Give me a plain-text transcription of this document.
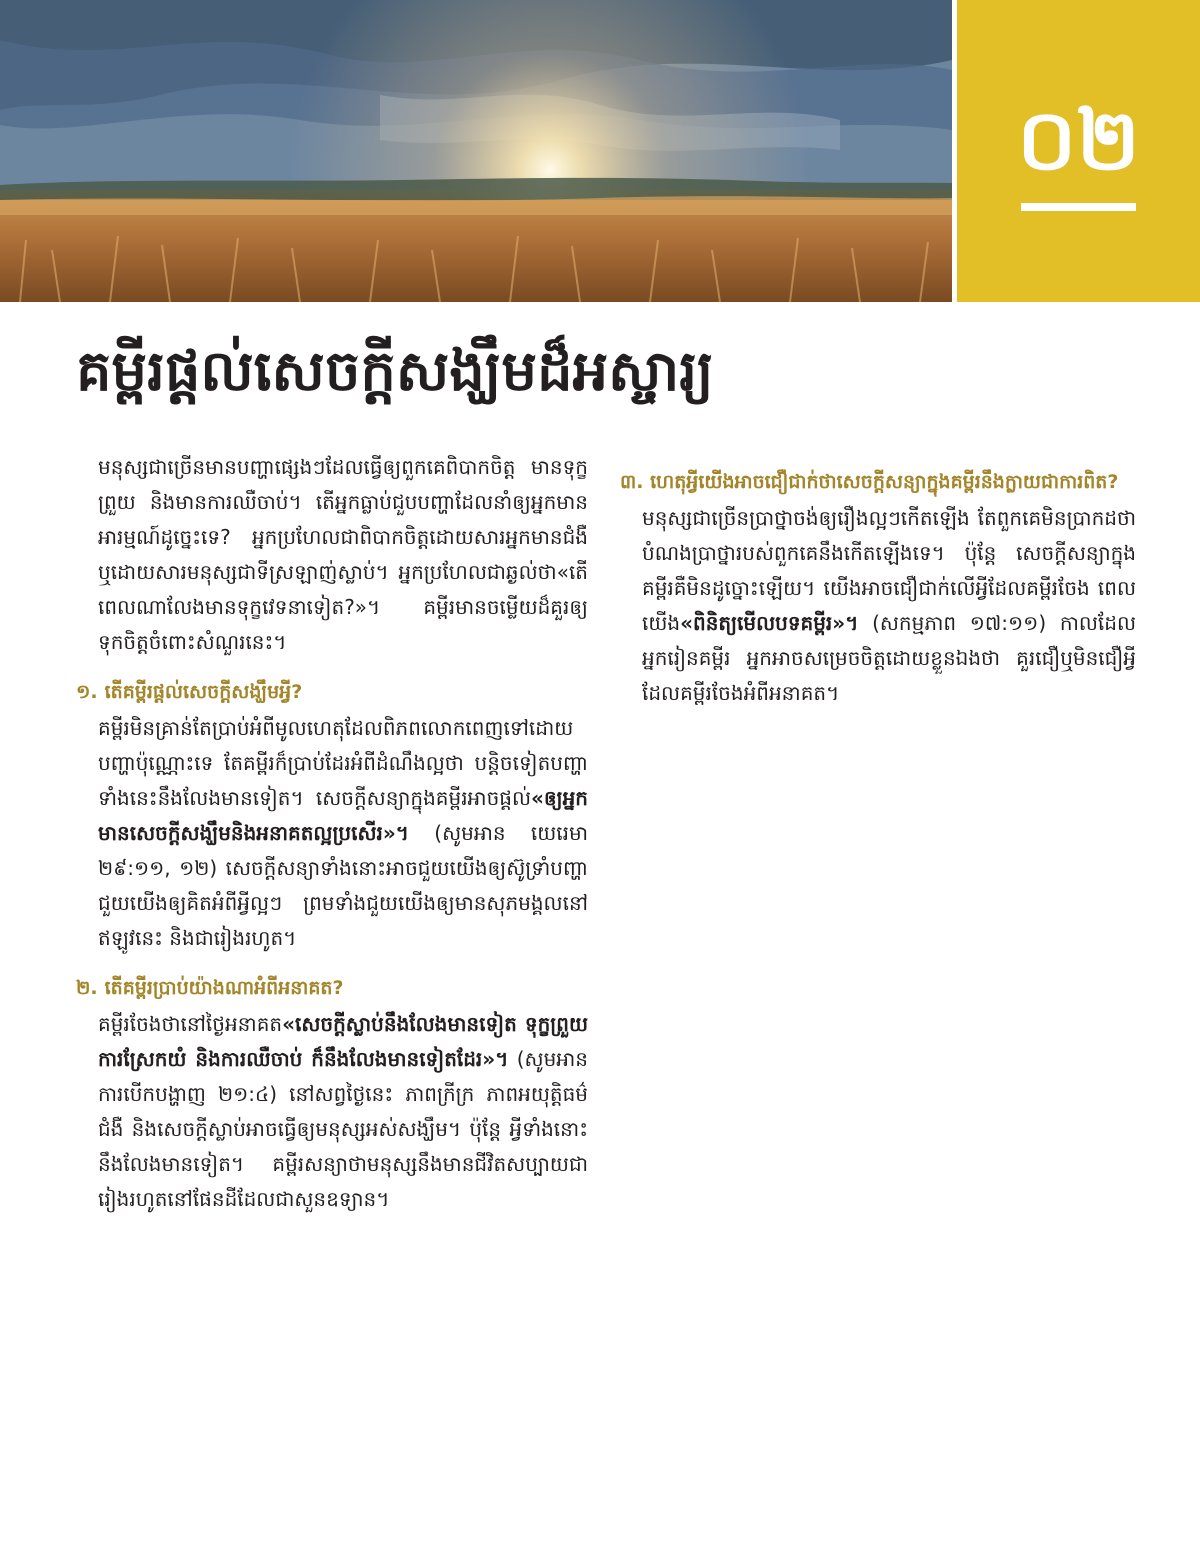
០២
គម្ពីរផ្ដល់សេចក្ដីសង្ឃឹមដ៏អស្ចារ្យ

មនុស្សជាច្រើនមានបញ្ហាផ្សេងៗដែលធ្វើឲ្យពួកគេពិបាកចិត្ត មានទុក្ខព្រួយ និងមានការឈឺចាប់។ តើអ្នកធ្លាប់ជួបបញ្ហាដែលនាំឲ្យអ្នកមានអារម្មណ៍ដូច្នេះទេ? អ្នកប្រហែលជាពិបាកចិត្តដោយសារអ្នកមានជំងឺ ឬដោយសារមនុស្សជាទីស្រឡាញ់ស្លាប់។ អ្នកប្រហែលជាឆ្ងល់ថា«តើពេលណាលែងមានទុក្ខវេទនាទៀត?»។ គម្ពីរមានចម្លើយដ៏គួរឲ្យទុកចិត្តចំពោះសំណួរនេះ។

១. តើគម្ពីរផ្ដល់សេចក្ដីសង្ឃឹមអ្វី?

គម្ពីរមិនគ្រាន់តែប្រាប់អំពីមូលហេតុដែលពិភពលោកពេញទៅដោយបញ្ហាប៉ុណ្ណោះទេ តែគម្ពីរក៏ប្រាប់ដែរអំពីដំណឹងល្អថា បន្ដិចទៀតបញ្ហាទាំងនេះនឹងលែងមានទៀត។ សេចក្ដីសន្យាក្នុងគម្ពីរអាចផ្ដល់«ឲ្យអ្នកមានសេចក្ដីសង្ឃឹមនិងអនាគតល្អប្រសើរ»។ (សូមអាន យេរេមា ២៩:១១, ១២) សេចក្ដីសន្យាទាំងនោះអាចជួយយើងឲ្យស៊ូទ្រាំបញ្ហា ជួយយើងឲ្យគិតអំពីអ្វីល្អៗ ព្រមទាំងជួយយើងឲ្យមានសុភមង្គលនៅឥឡូវនេះ និងជារៀងរហូត។

២. តើគម្ពីរប្រាប់យ៉ាងណាអំពីអនាគត?

គម្ពីរចែងថានៅថ្ងៃអនាគត«សេចក្ដីស្លាប់នឹងលែងមានទៀត ទុក្ខព្រួយ ការស្រែកយំ និងការឈឺចាប់ ក៏នឹងលែងមានទៀតដែរ»។ (សូមអាន ការបើកបង្ហាញ ២១:៤) នៅសព្វថ្ងៃនេះ ភាពក្រីក្រ ភាពអយុត្តិធម៌ ជំងឺ និងសេចក្ដីស្លាប់អាចធ្វើឲ្យមនុស្សអស់សង្ឃឹម។ ប៉ុន្តែ អ្វីទាំងនោះនឹងលែងមានទៀត។ គម្ពីរសន្យាថាមនុស្សនឹងមានជីវិតសប្បាយជារៀងរហូតនៅផែនដីដែលជាសួនឧទ្យាន។

៣. ហេតុអ្វីយើងអាចជឿជាក់ថាសេចក្ដីសន្យាក្នុងគម្ពីរនឹងក្លាយជាការពិត?

មនុស្សជាច្រើនប្រាថ្នាចង់ឲ្យរឿងល្អៗកើតឡើង តែពួកគេមិនប្រាកដថាបំណងប្រាថ្នារបស់ពួកគេនឹងកើតឡើងទេ។ ប៉ុន្តែ សេចក្ដីសន្យាក្នុងគម្ពីរគឺមិនដូច្នោះឡើយ។ យើងអាចជឿជាក់លើអ្វីដែលគម្ពីរចែង ពេលយើង«ពិនិត្យមើលបទគម្ពីរ»។ (សកម្មភាព ១៧:១១) កាលដែលអ្នករៀនគម្ពីរ អ្នកអាចសម្រេចចិត្តដោយខ្លួនឯងថា គួរជឿឬមិនជឿអ្វីដែលគម្ពីរចែងអំពីអនាគត។
